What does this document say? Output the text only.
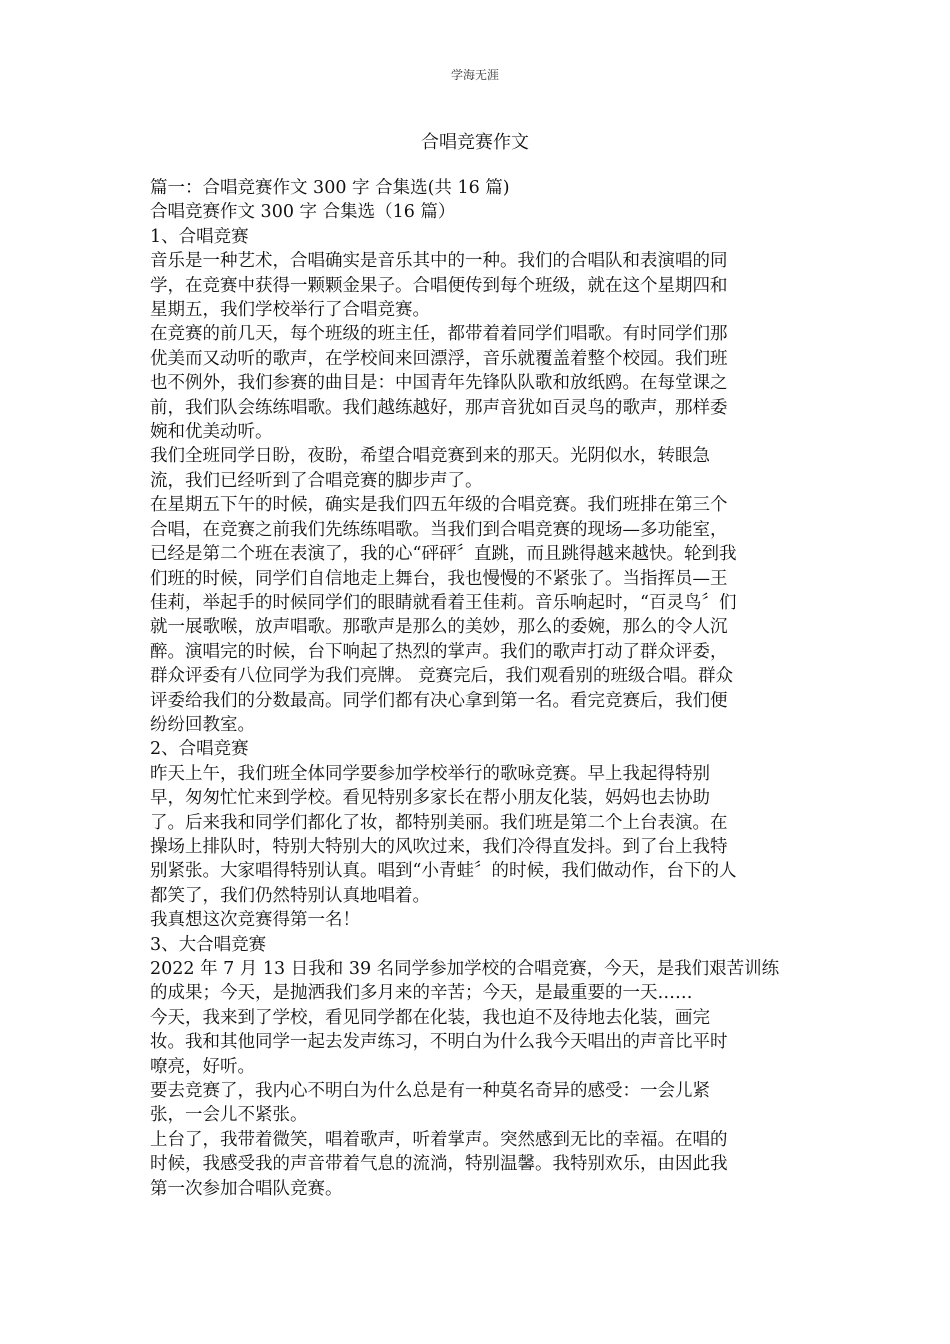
学海无涯
合唱竞赛作文

篇一：合唱竞赛作文 300 字 合集选(共 16 篇)

合唱竞赛作文 300 字 合集选（16 篇）

1、合唱竞赛

音乐是一种艺术，合唱确实是音乐其中的一种。我们的合唱队和表演唱的同

学，在竞赛中获得一颗颗金果子。合唱便传到每个班级，就在这个星期四和

星期五，我们学校举行了合唱竞赛。

在竞赛的前几天，每个班级的班主任，都带着着同学们唱歌。有时同学们那

优美而又动听的歌声，在学校间来回漂浮，音乐就覆盖着整个校园。我们班

也不例外，我们参赛的曲目是：中国青年先锋队队歌和放纸鸥。在每堂课之

前，我们队会练练唱歌。我们越练越好，那声音犹如百灵鸟的歌声，那样委

婉和优美动听。

我们全班同学日盼，夜盼，希望合唱竞赛到来的那天。光阴似水，转眼急

流，我们已经听到了合唱竞赛的脚步声了。

在星期五下午的时候，确实是我们四五年级的合唱竞赛。我们班排在第三个

合唱，在竞赛之前我们先练练唱歌。当我们到合唱竞赛的现场—多功能室，

已经是第二个班在表演了，我的心“砰砰〞直跳，而且跳得越来越快。轮到我

们班的时候，同学们自信地走上舞台，我也慢慢的不紧张了。当指挥员—王

佳莉，举起手的时候同学们的眼睛就看着王佳莉。音乐响起时，“百灵鸟〞们

就一展歌喉，放声唱歌。那歌声是那么的美妙，那么的委婉，那么的令人沉

醉。演唱完的时候，台下响起了热烈的掌声。我们的歌声打动了群众评委，

群众评委有八位同学为我们亮牌。 竞赛完后，我们观看别的班级合唱。群众

评委给我们的分数最高。同学们都有决心拿到第一名。看完竞赛后，我们便

纷纷回教室。

2、合唱竞赛

昨天上午，我们班全体同学要参加学校举行的歌咏竞赛。早上我起得特别

早，匆匆忙忙来到学校。看见特别多家长在帮小朋友化装，妈妈也去协助

了。后来我和同学们都化了妆，都特别美丽。我们班是第二个上台表演。在

操场上排队时，特别大特别大的风吹过来，我们冷得直发抖。到了台上我特

别紧张。大家唱得特别认真。唱到“小青蛙〞的时候，我们做动作，台下的人

都笑了，我们仍然特别认真地唱着。

我真想这次竞赛得第一名！

3、大合唱竞赛

2022 年 7 月 13 日我和 39 名同学参加学校的合唱竞赛，今天，是我们艰苦训练

的成果；今天，是抛洒我们多月来的辛苦；今天，是最重要的一天……

今天，我来到了学校，看见同学都在化装，我也迫不及待地去化装，画完

妆。我和其他同学一起去发声练习，不明白为什么我今天唱出的声音比平时

嘹亮，好听。

要去竞赛了，我内心不明白为什么总是有一种莫名奇异的感受：一会儿紧

张，一会儿不紧张。

上台了，我带着微笑，唱着歌声，听着掌声。突然感到无比的幸福。在唱的

时候，我感受我的声音带着气息的流淌，特别温馨。我特别欢乐，由因此我

第一次参加合唱队竞赛。
